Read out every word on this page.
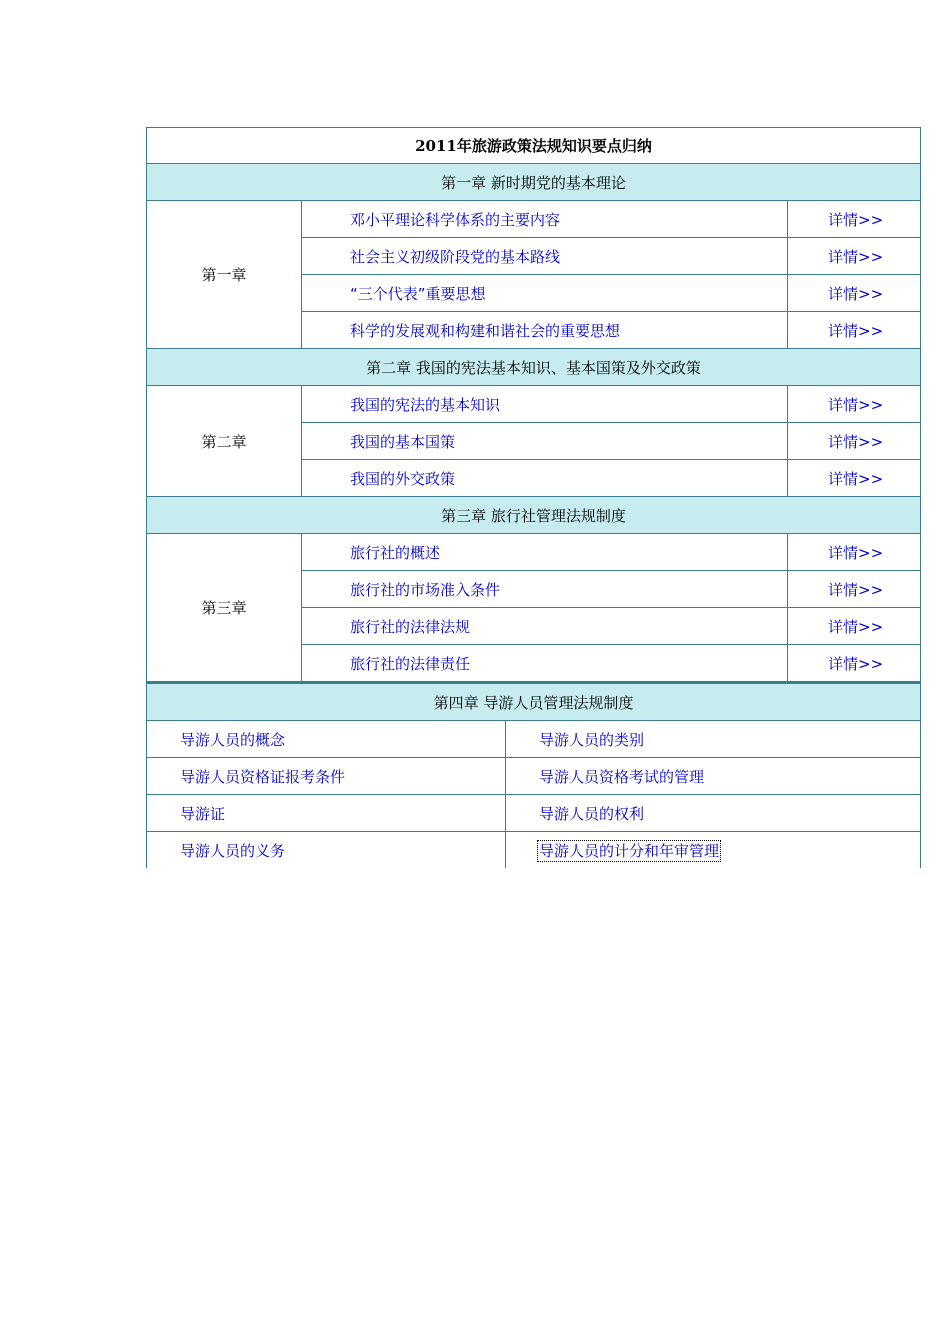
2011年旅游政策法规知识要点归纳		
第一章 新时期党的基本理论		
第一章	邓小平理论科学体系的主要内容	详情>>
	社会主义初级阶段党的基本路线	详情>>
	“三个代表”重要思想	详情>>
	科学的发展观和构建和谐社会的重要思想	详情>>
第二章 我国的宪法基本知识、基本国策及外交政策		
第二章	我国的宪法的基本知识	详情>>
	我国的基本国策	详情>>
	我国的外交政策	详情>>
第三章 旅行社管理法规制度		
第三章	旅行社的概述	详情>>
	旅行社的市场准入条件	详情>>
	旅行社的法律法规	详情>>
	旅行社的法律责任	详情>>
第四章 导游人员管理法规制度	
导游人员的概念	导游人员的类别
导游人员资格证报考条件	导游人员资格考试的管理
导游证	导游人员的权利
导游人员的义务	导游人员的计分和年审管理
